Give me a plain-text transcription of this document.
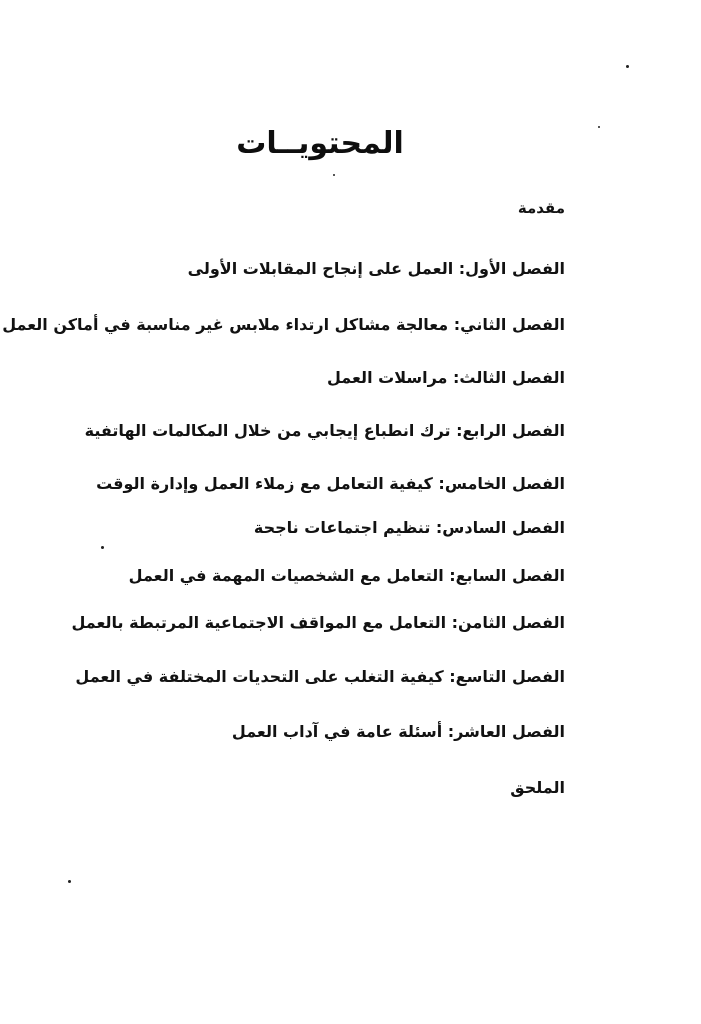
المحتويــات
مقدمة
الفصل الأول: العمل على إنجاح المقابلات الأولى
الفصل الثاني: معالجة مشاكل ارتداء ملابس غير مناسبة في أماكن العمل
الفصل الثالث: مراسلات العمل
الفصل الرابع: ترك انطباع إيجابي من خلال المكالمات الهاتفية
الفصل الخامس: كيفية التعامل مع زملاء العمل وإدارة الوقت
الفصل السادس: تنظيم اجتماعات ناجحة
الفصل السابع: التعامل مع الشخصيات المهمة في العمل
الفصل الثامن: التعامل مع المواقف الاجتماعية المرتبطة بالعمل
الفصل التاسع: كيفية التغلب على التحديات المختلفة في العمل
الفصل العاشر: أسئلة عامة في آداب العمل
الملحق
